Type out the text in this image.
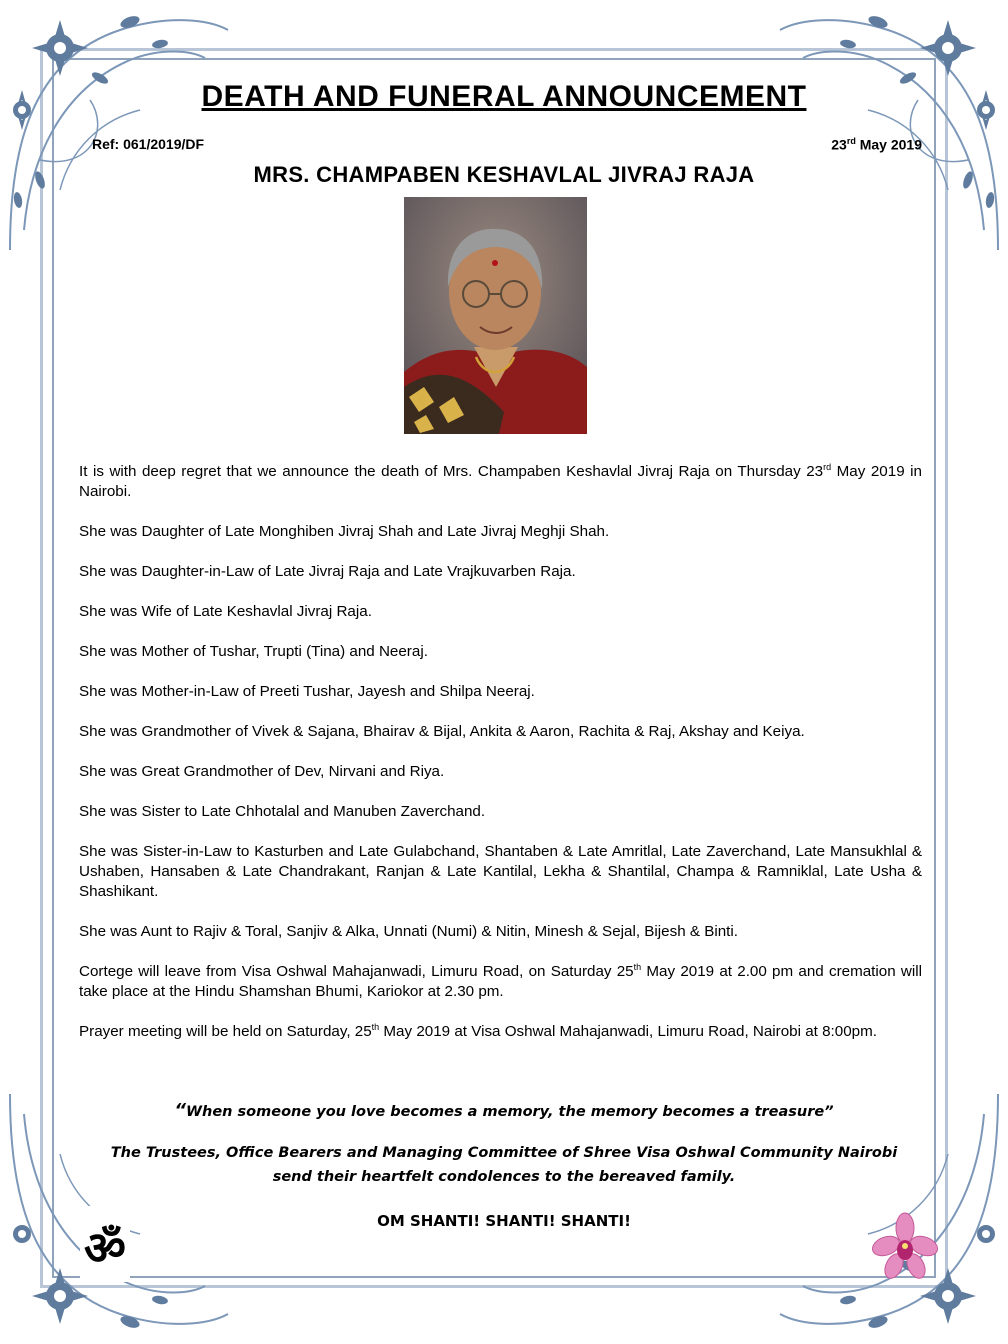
DEATH AND FUNERAL ANNOUNCEMENT
Ref: 061/2019/DF	23rd May 2019
MRS. CHAMPABEN KESHAVLAL JIVRAJ RAJA

It is with deep regret that we announce the death of Mrs. Champaben Keshavlal Jivraj Raja on Thursday 23rd May 2019 in Nairobi.

She was Daughter of Late Monghiben Jivraj Shah and Late Jivraj Meghji Shah.

She was Daughter-in-Law of Late Jivraj Raja and Late Vrajkuvarben Raja.

She was Wife of Late Keshavlal Jivraj Raja.

She was Mother of Tushar, Trupti (Tina) and Neeraj.

She was Mother-in-Law of Preeti Tushar, Jayesh and Shilpa Neeraj.

She was Grandmother of Vivek & Sajana, Bhairav & Bijal, Ankita & Aaron, Rachita & Raj, Akshay and Keiya.

She was Great Grandmother of Dev, Nirvani and Riya.

She was Sister to Late Chhotalal and Manuben Zaverchand.

She was Sister-in-Law to Kasturben and Late Gulabchand, Shantaben & Late Amritlal, Late Zaverchand, Late Mansukhlal & Ushaben, Hansaben & Late Chandrakant, Ranjan & Late Kantilal, Lekha & Shantilal, Champa & Ramniklal, Late Usha & Shashikant.

She was Aunt to Rajiv & Toral, Sanjiv & Alka, Unnati (Numi) & Nitin, Minesh & Sejal, Bijesh & Binti.

Cortege will leave from Visa Oshwal Mahajanwadi, Limuru Road, on Saturday 25th May 2019 at 2.00 pm and cremation will take place at the Hindu Shamshan Bhumi, Kariokor at 2.30 pm.

Prayer meeting will be held on Saturday, 25th May 2019 at Visa Oshwal Mahajanwadi, Limuru Road, Nairobi at 8:00pm.

“When someone you love becomes a memory, the memory becomes a treasure”
The Trustees, Office Bearers and Managing Committee of Shree Visa Oshwal Community Nairobi
send their heartfelt condolences to the bereaved family.
OM SHANTI! SHANTI! SHANTI!
ॐ
